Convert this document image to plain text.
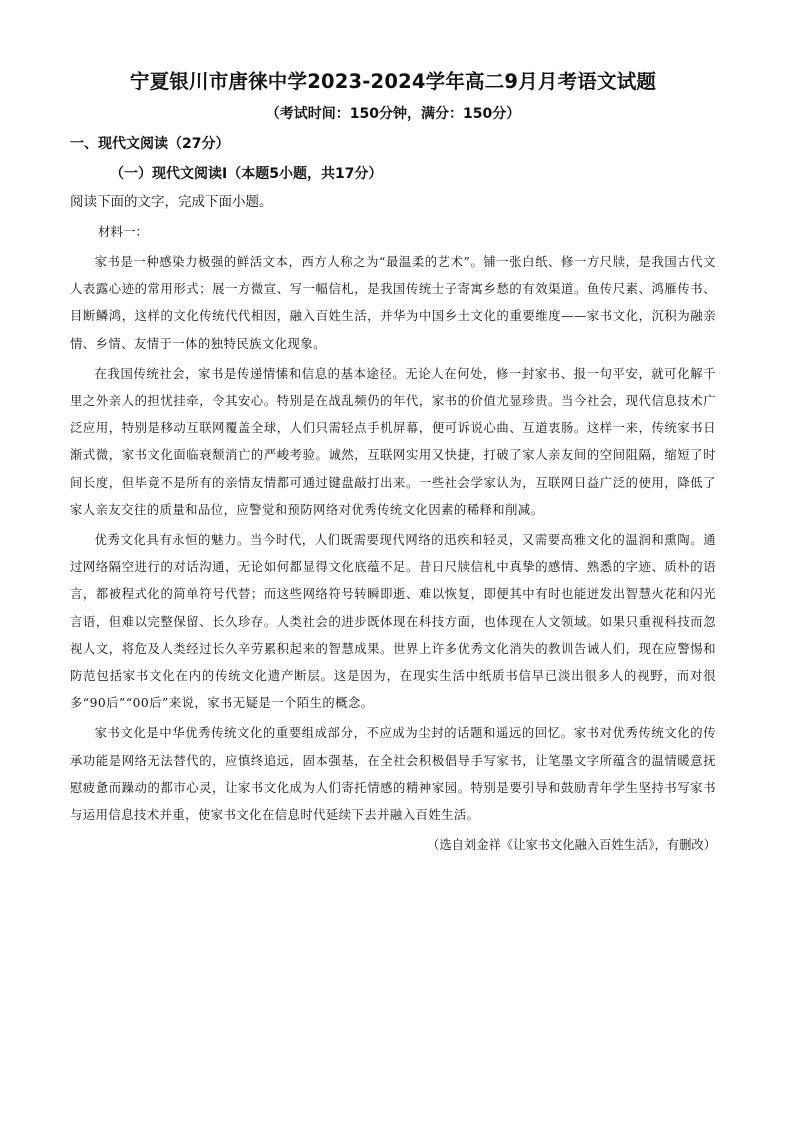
宁夏银川市唐徕中学2023-2024学年高二9月月考语文试题
（考试时间：150分钟，满分：150分）
一、现代文阅读（27分）
（一）现代文阅读Ⅰ（本题5小题，共17分）
阅读下面的文字，完成下面小题。
材料一：

家书是一种感染力极强的鲜活文本，西方人称之为“最温柔的艺术”。铺一张白纸、修一方尺牍，是我国古代文人表露心迹的常用形式；展一方微宣、写一幅信札，是我国传统士子寄寓乡愁的有效渠道。鱼传尺素、鸿雁传书、目断鳞鸿，这样的文化传统代代相因，融入百姓生活，并华为中国乡土文化的重要维度——家书文化，沉积为融亲情、乡情、友情于一体的独特民族文化现象。

在我国传统社会，家书是传递情愫和信息的基本途径。无论人在何处，修一封家书、报一句平安，就可化解千里之外亲人的担忧挂牵，令其安心。特别是在战乱频仍的年代，家书的价值尤显珍贵。当今社会，现代信息技术广泛应用，特别是移动互联网覆盖全球，人们只需轻点手机屏幕，便可诉说心曲、互道衷肠。这样一来，传统家书日渐式微，家书文化面临衰颓消亡的严峻考验。诚然，互联网实用又快捷，打破了家人亲友间的空间阻隔，缩短了时间长度，但毕竟不是所有的亲情友情都可通过键盘敲打出来。一些社会学家认为，互联网日益广泛的使用，降低了家人亲友交往的质量和品位，应警觉和预防网络对优秀传统文化因素的稀释和削减。

优秀文化具有永恒的魅力。当今时代，人们既需要现代网络的迅疾和轻灵，又需要高雅文化的温润和熏陶。通过网络隔空进行的对话沟通，无论如何都显得文化底蕴不足。昔日尺牍信札中真挚的感情、熟悉的字迹、质朴的语言，都被程式化的简单符号代替；而这些网络符号转瞬即逝、难以恢复，即便其中有时也能迸发出智慧火花和闪光言语，但难以完整保留、长久珍存。人类社会的进步既体现在科技方面，也体现在人文领域。如果只重视科技而忽视人文，将危及人类经过长久辛劳累积起来的智慧成果。世界上许多优秀文化消失的教训告诫人们，现在应警惕和防范包括家书文化在内的传统文化遗产断层。这是因为，在现实生活中纸质书信早已淡出很多人的视野，而对很多“90后”“00后”来说，家书无疑是一个陌生的概念。

家书文化是中华优秀传统文化的重要组成部分，不应成为尘封的话题和遥远的回忆。家书对优秀传统文化的传承功能是网络无法替代的，应慎终追远，固本强基，在全社会积极倡导手写家书，让笔墨文字所蕴含的温情暖意抚慰疲惫而躁动的都市心灵，让家书文化成为人们寄托情感的精神家园。特别是要引导和鼓励青年学生坚持书写家书与运用信息技术并重，使家书文化在信息时代延续下去并融入百姓生活。

（选自刘金祥《让家书文化融入百姓生活》，有删改）
